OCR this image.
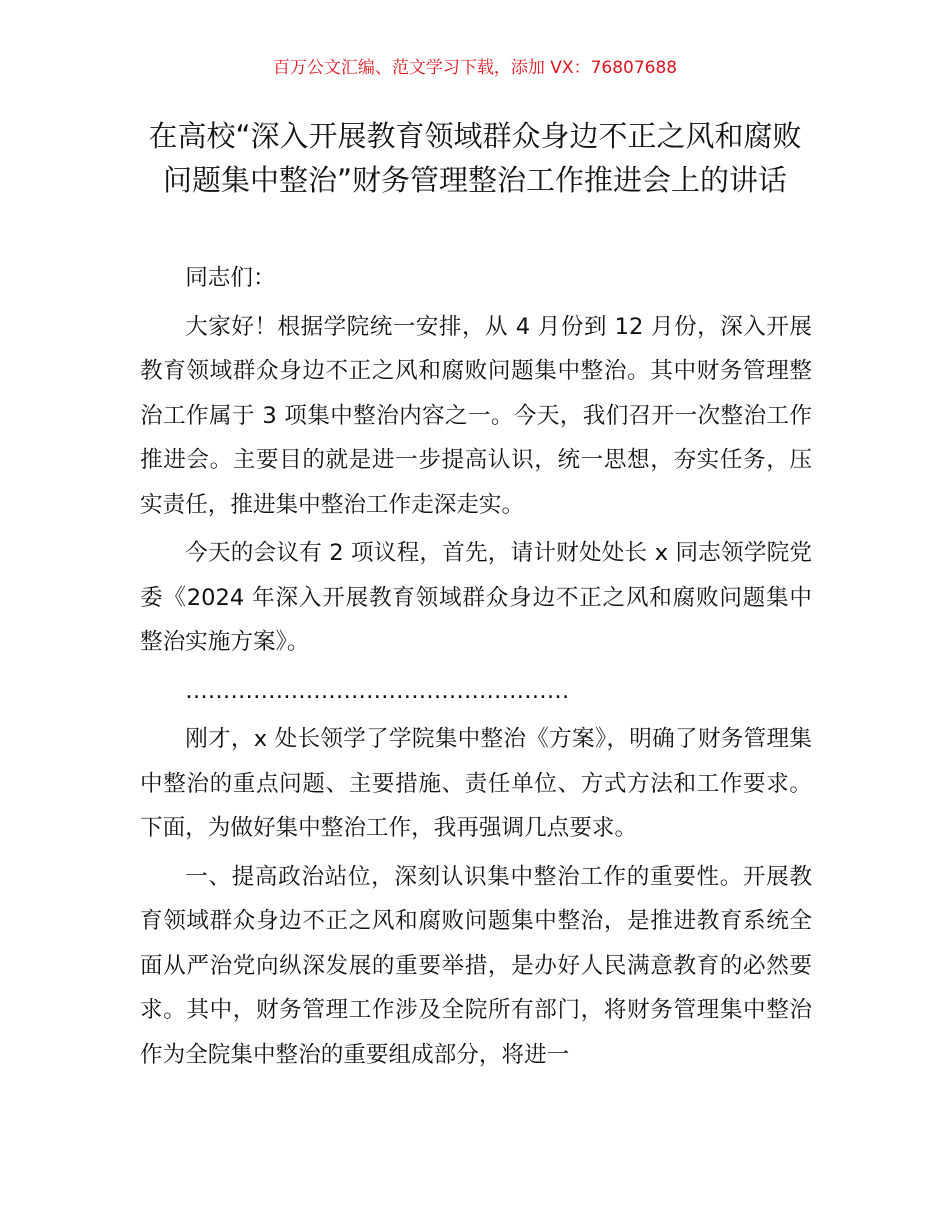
百万公文汇编、范文学习下载，添加 VX：76807688
在高校“深入开展教育领域群众身边不正之风和腐败问题集中整治”财务管理整治工作推进会上的讲话

同志们：

大家好！根据学院统一安排，从 4 月份到 12 月份，深入开展教育领域群众身边不正之风和腐败问题集中整治。其中财务管理整治工作属于 3 项集中整治内容之一。今天，我们召开一次整治工作推进会。主要目的就是进一步提高认识，统一思想，夯实任务，压实责任，推进集中整治工作走深走实。

今天的会议有 2 项议程，首先，请计财处处长 x 同志领学院党委《2024 年深入开展教育领域群众身边不正之风和腐败问题集中整治实施方案》。

……………………………………………

刚才，x 处长领学了学院集中整治《方案》，明确了财务管理集中整治的重点问题、主要措施、责任单位、方式方法和工作要求。下面，为做好集中整治工作，我再强调几点要求。

一、提高政治站位，深刻认识集中整治工作的重要性。开展教育领域群众身边不正之风和腐败问题集中整治，是推进教育系统全面从严治党向纵深发展的重要举措，是办好人民满意教育的必然要求。其中，财务管理工作涉及全院所有部门，将财务管理集中整治作为全院集中整治的重要组成部分，将进一
